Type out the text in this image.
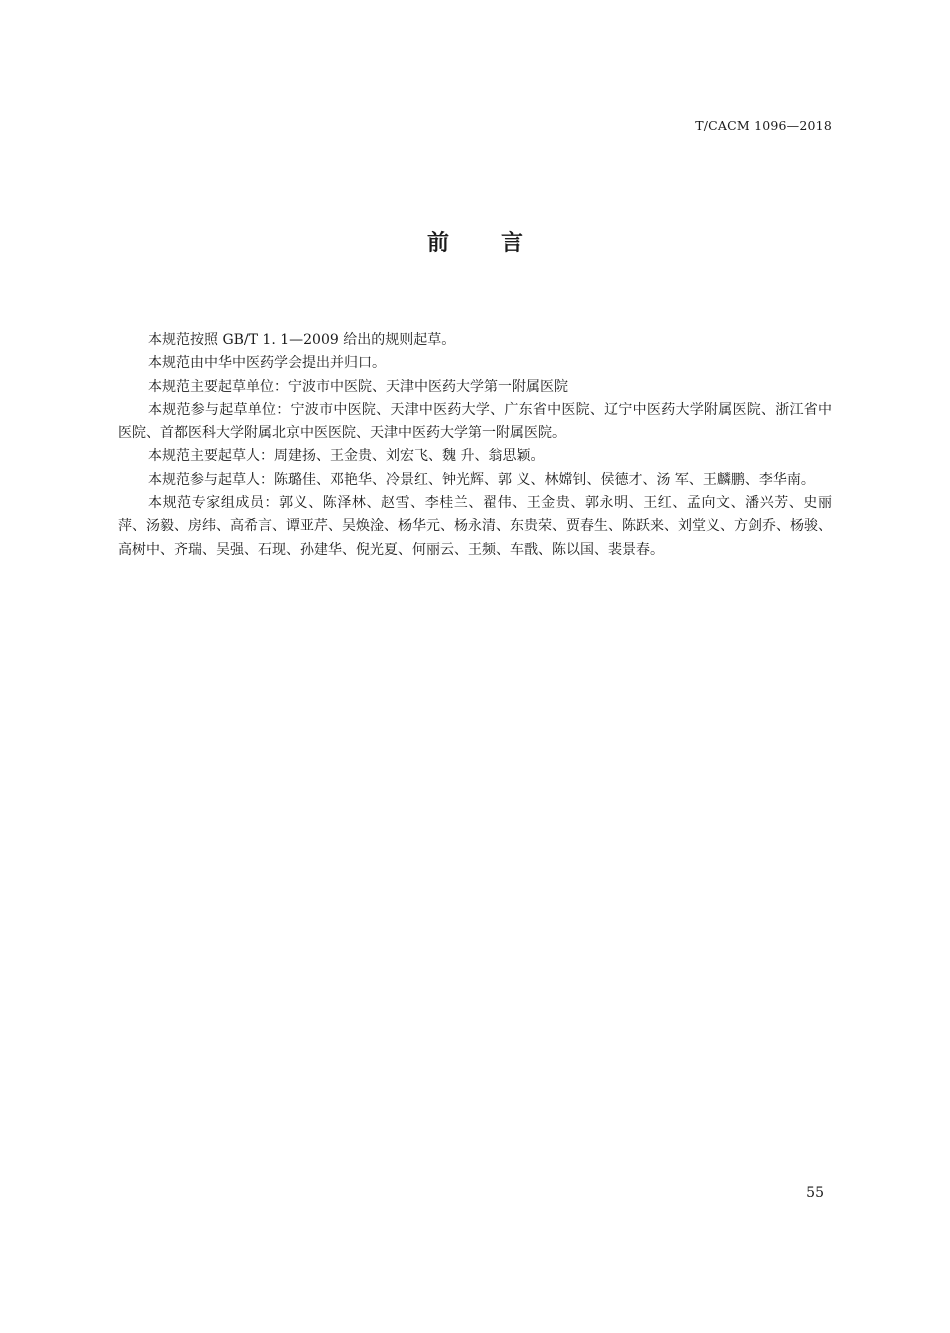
T/CACM 1096—2018
前 言

本规范按照 GB/T 1. 1—2009 给出的规则起草。

本规范由中华中医药学会提出并归口。

本规范主要起草单位：宁波市中医院、天津中医药大学第一附属医院

本规范参与起草单位：宁波市中医院、天津中医药大学、广东省中医院、辽宁中医药大学附属医院、浙江省中医院、首都医科大学附属北京中医医院、天津中医药大学第一附属医院。

本规范主要起草人：周建扬、王金贵、刘宏飞、魏 升、翁思颖。

本规范参与起草人：陈璐佳、邓艳华、冷景红、钟光辉、郭 义、林嫦钊、侯德才、汤 军、王麟鹏、李华南。

本规范专家组成员：郭义、陈泽林、赵雪、李桂兰、翟伟、王金贵、郭永明、王红、孟向文、潘兴芳、史丽萍、汤毅、房纬、高希言、谭亚芹、吴焕淦、杨华元、杨永清、东贵荣、贾春生、陈跃来、刘堂义、方剑乔、杨骏、高树中、齐瑞、吴强、石现、孙建华、倪光夏、何丽云、王频、车戬、陈以国、裴景春。

55
